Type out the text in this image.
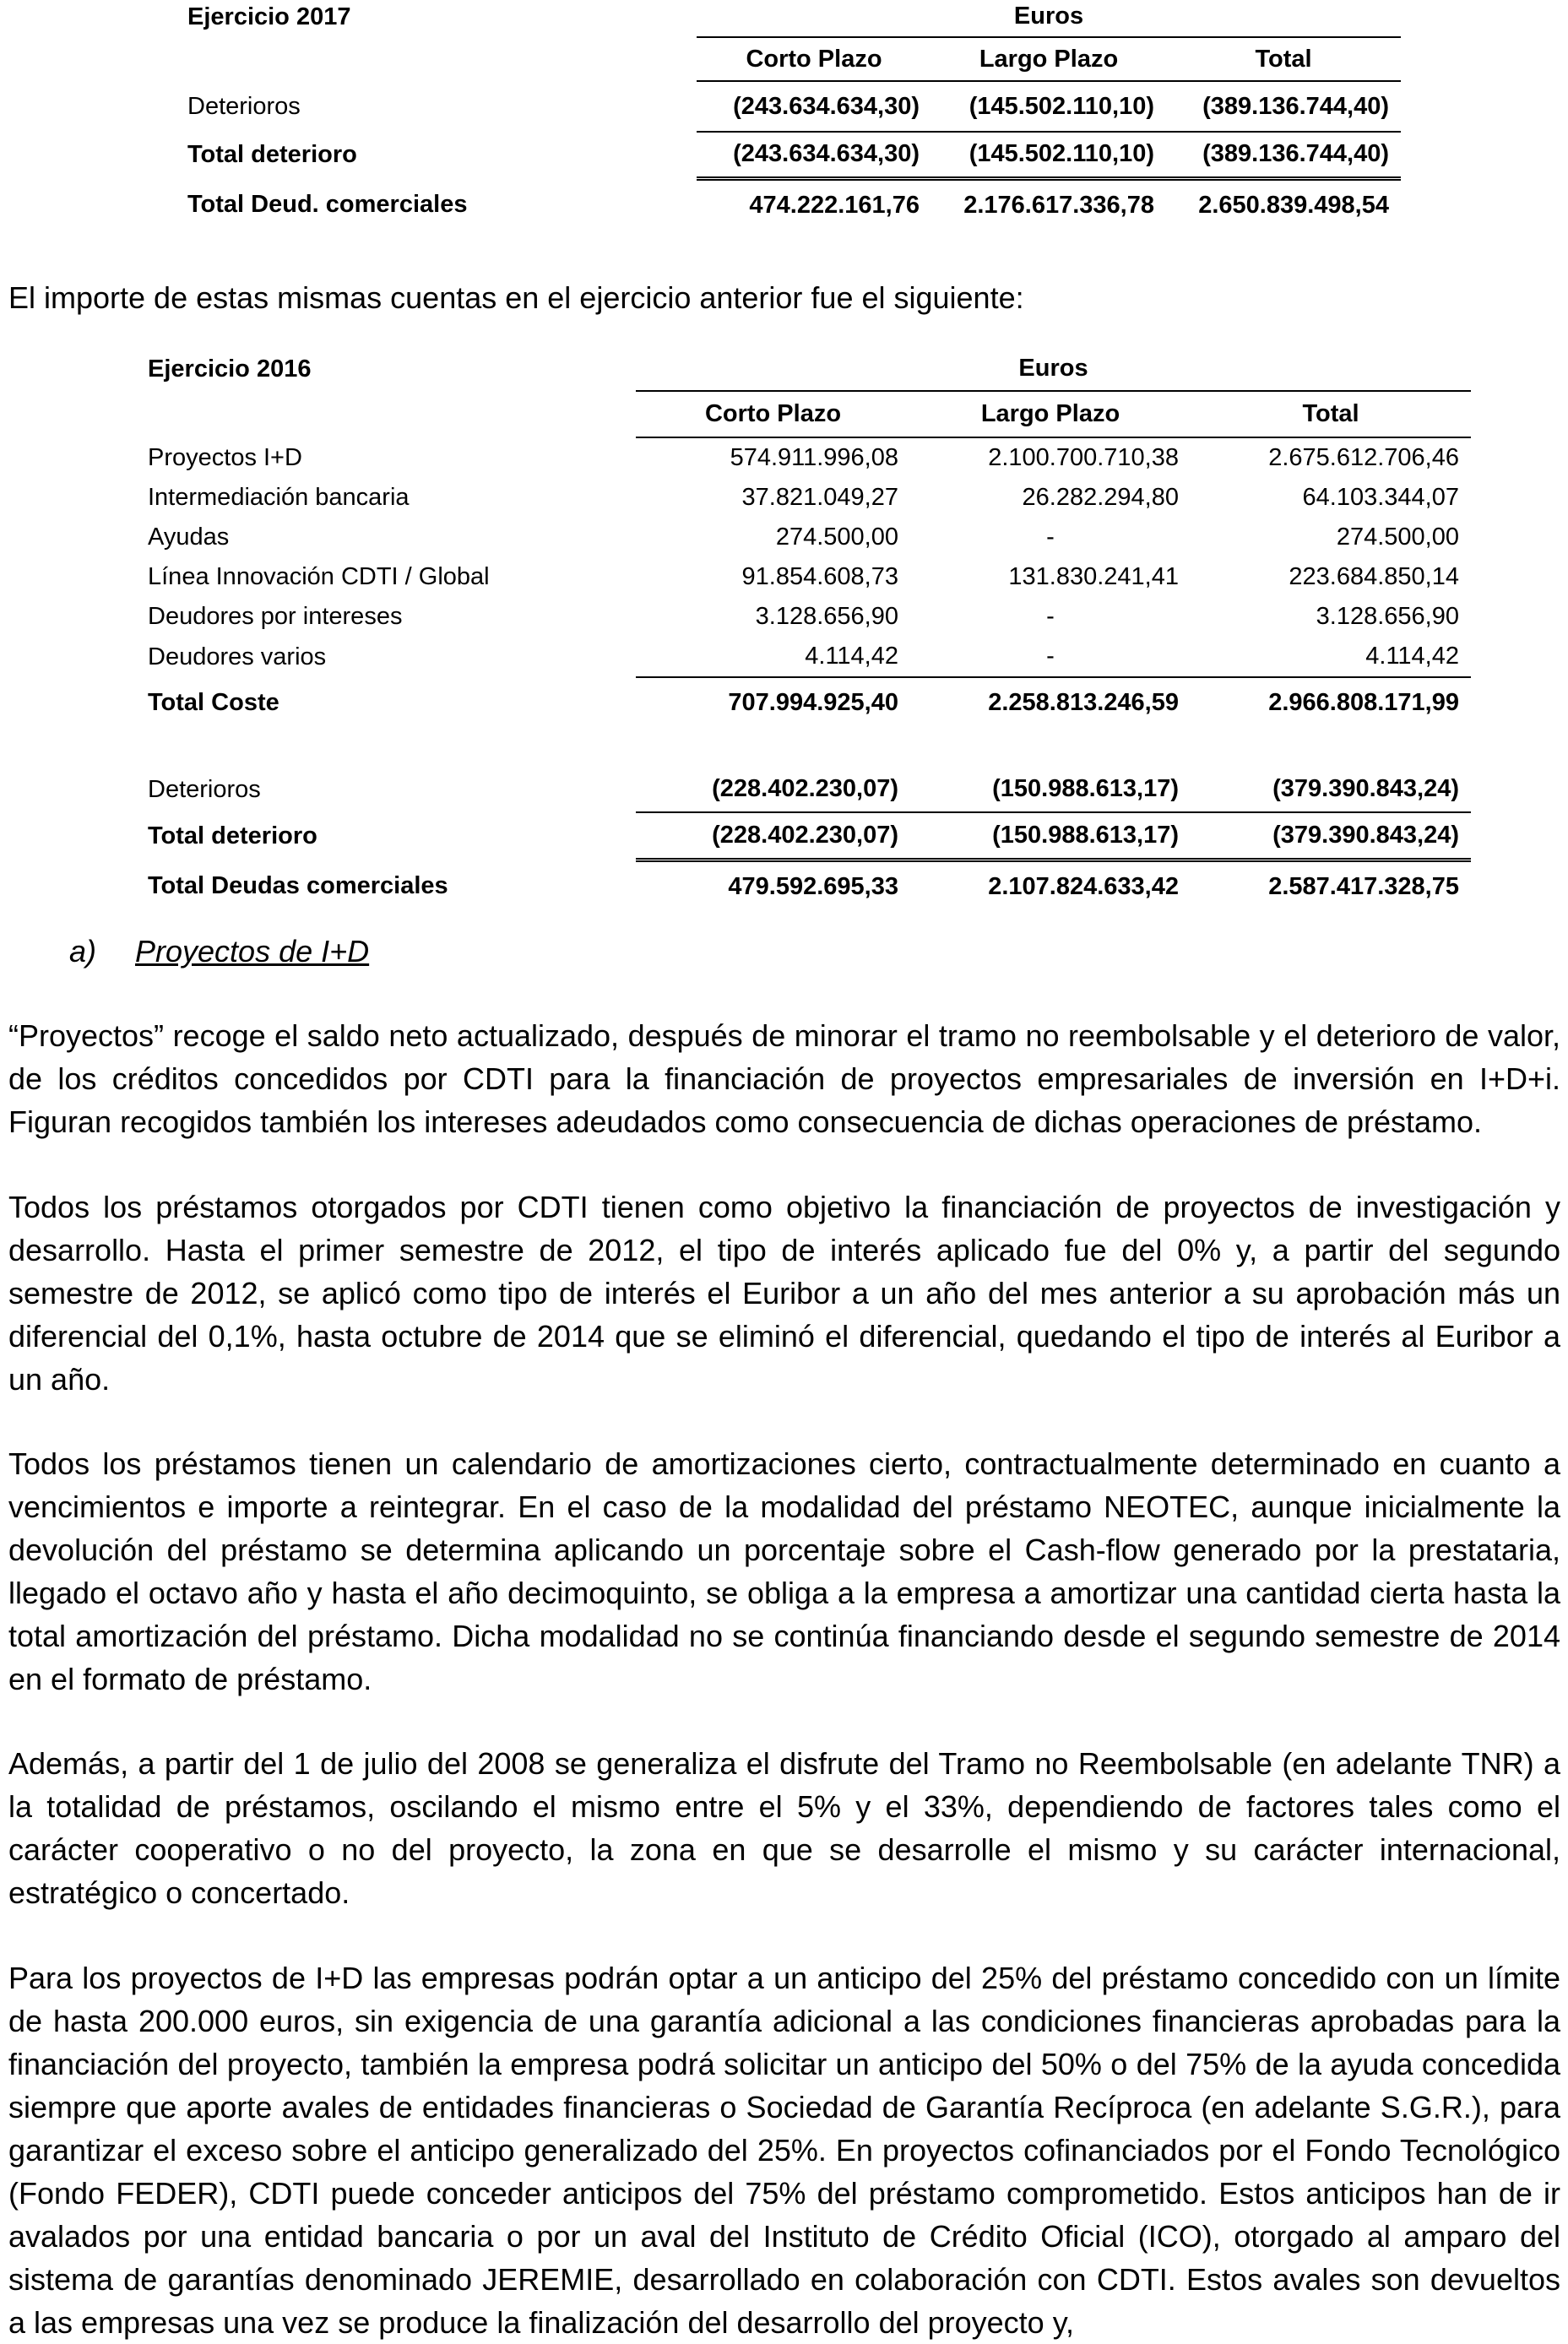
Ejercicio 2017	Euros		
	Corto Plazo	Largo Plazo	Total
Deterioros	(243.634.634,30)	(145.502.110,10)	(389.136.744,40)
Total deterioro	(243.634.634,30)	(145.502.110,10)	(389.136.744,40)
Total Deud. comerciales	474.222.161,76	2.176.617.336,78	2.650.839.498,54

El importe de estas mismas cuentas en el ejercicio anterior fue el siguiente:

Ejercicio 2016	Euros		
	Corto Plazo	Largo Plazo	Total
Proyectos I+D	574.911.996,08	2.100.700.710,38	2.675.612.706,46
Intermediación bancaria	37.821.049,27	26.282.294,80	64.103.344,07
Ayudas	274.500,00	-	274.500,00
Línea Innovación CDTI / Global	91.854.608,73	131.830.241,41	223.684.850,14
Deudores por intereses	3.128.656,90	-	3.128.656,90
Deudores varios	4.114,42	-	4.114,42
Total Coste	707.994.925,40	2.258.813.246,59	2.966.808.171,99
Deterioros	(228.402.230,07)	(150.988.613,17)	(379.390.843,24)
Total deterioro	(228.402.230,07)	(150.988.613,17)	(379.390.843,24)
Total Deudas comerciales	479.592.695,33	2.107.824.633,42	2.587.417.328,75

a) Proyectos de I+D

“Proyectos” recoge el saldo neto actualizado, después de minorar el tramo no reembolsable y el deterioro de valor, de los créditos concedidos por CDTI para la financiación de proyectos empresariales de inversión en I+D+i. Figuran recogidos también los intereses adeudados como consecuencia de dichas operaciones de préstamo.

Todos los préstamos otorgados por CDTI tienen como objetivo la financiación de proyectos de investigación y desarrollo. Hasta el primer semestre de 2012, el tipo de interés aplicado fue del 0% y, a partir del segundo semestre de 2012, se aplicó como tipo de interés el Euribor a un año del mes anterior a su aprobación más un diferencial del 0,1%, hasta octubre de 2014 que se eliminó el diferencial, quedando el tipo de interés al Euribor a un año.

Todos los préstamos tienen un calendario de amortizaciones cierto, contractualmente determinado en cuanto a vencimientos e importe a reintegrar. En el caso de la modalidad del préstamo NEOTEC, aunque inicialmente la devolución del préstamo se determina aplicando un porcentaje sobre el Cash-flow generado por la prestataria, llegado el octavo año y hasta el año decimoquinto, se obliga a la empresa a amortizar una cantidad cierta hasta la total amortización del préstamo. Dicha modalidad no se continúa financiando desde el segundo semestre de 2014 en el formato de préstamo.

Además, a partir del 1 de julio del 2008 se generaliza el disfrute del Tramo no Reembolsable (en adelante TNR) a la totalidad de préstamos, oscilando el mismo entre el 5% y el 33%, dependiendo de factores tales como el carácter cooperativo o no del proyecto, la zona en que se desarrolle el mismo y su carácter internacional, estratégico o concertado.

Para los proyectos de I+D las empresas podrán optar a un anticipo del 25% del préstamo concedido con un límite de hasta 200.000 euros, sin exigencia de una garantía adicional a las condiciones financieras aprobadas para la financiación del proyecto, también la empresa podrá solicitar un anticipo del 50% o del 75% de la ayuda concedida siempre que aporte avales de entidades financieras o Sociedad de Garantía Recíproca (en adelante S.G.R.), para garantizar el exceso sobre el anticipo generalizado del 25%. En proyectos cofinanciados por el Fondo Tecnológico (Fondo FEDER), CDTI puede conceder anticipos del 75% del préstamo comprometido. Estos anticipos han de ir avalados por una entidad bancaria o por un aval del Instituto de Crédito Oficial (ICO), otorgado al amparo del sistema de garantías denominado JEREMIE, desarrollado en colaboración con CDTI. Estos avales son devueltos a las empresas una vez se produce la finalización del desarrollo del proyecto y,
